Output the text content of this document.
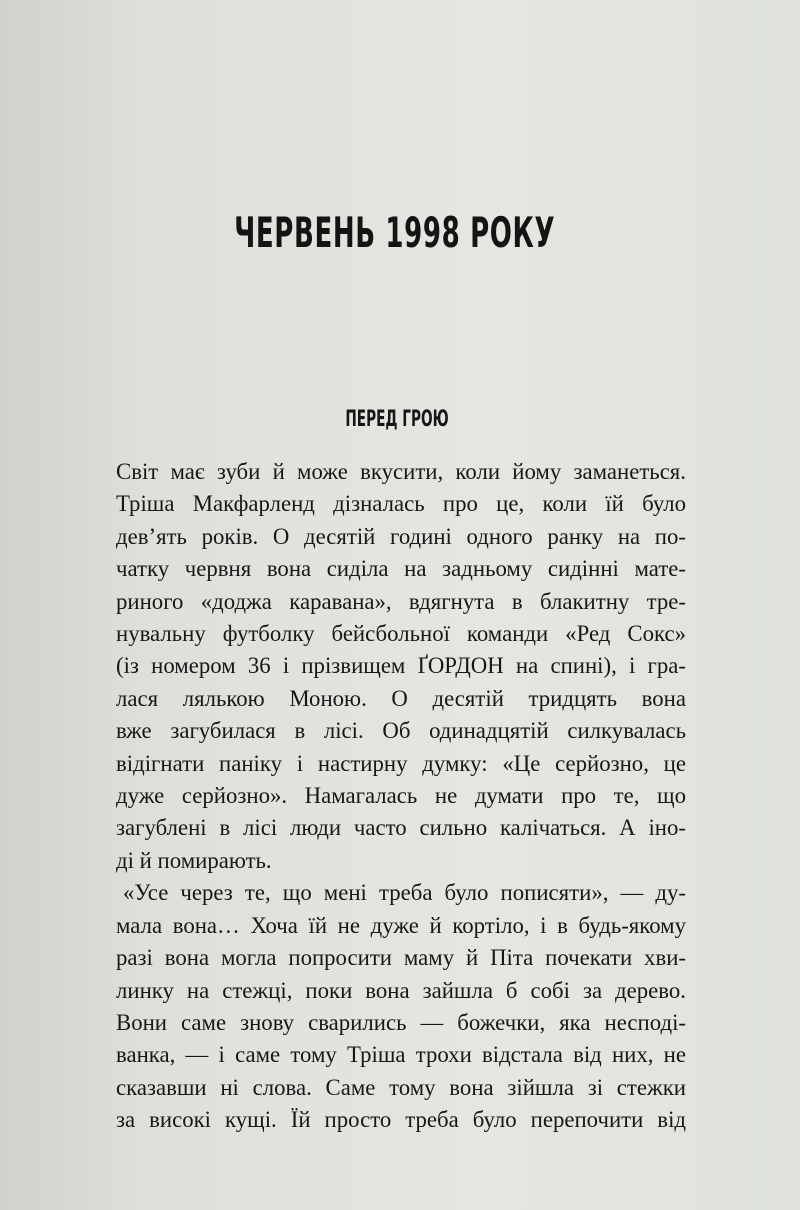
ЧЕРВЕНЬ 1998 РОКУ
ПЕРЕД ГРОЮ
Світ має зуби й може вкусити, коли йому заманеться.
Тріша Макфарленд дізналась про це, коли їй було
дев’ять років. О десятій годині одного ранку на по-
чатку червня вона сиділа на задньому сидінні мате-
риного «доджа каравана», вдягнута в блакитну тре-
нувальну футболку бейсбольної команди «Ред Сокс»
(із номером 36 і прізвищем ҐОРДОН на спині), і гра-
лася лялькою Моною. О десятій тридцять вона
вже загубилася в лісі. Об одинадцятій силкувалась
відігнати паніку і настирну думку: «Це серйозно, це
дуже серйозно». Намагалась не думати про те, що
загублені в лісі люди часто сильно калічаться. А іно-
ді й помирають.
«Усе через те, що мені треба було пописяти», — ду-
мала вона… Хоча їй не дуже й кортіло, і в будь-якому
разі вона могла попросити маму й Піта почекати хви-
линку на стежці, поки вона зайшла б собі за дерево.
Вони саме знову сварились — божечки, яка несподі-
ванка, — і саме тому Тріша трохи відстала від них, не
сказавши ні слова. Саме тому вона зійшла зі стежки
за високі кущі. Їй просто треба було перепочити від
